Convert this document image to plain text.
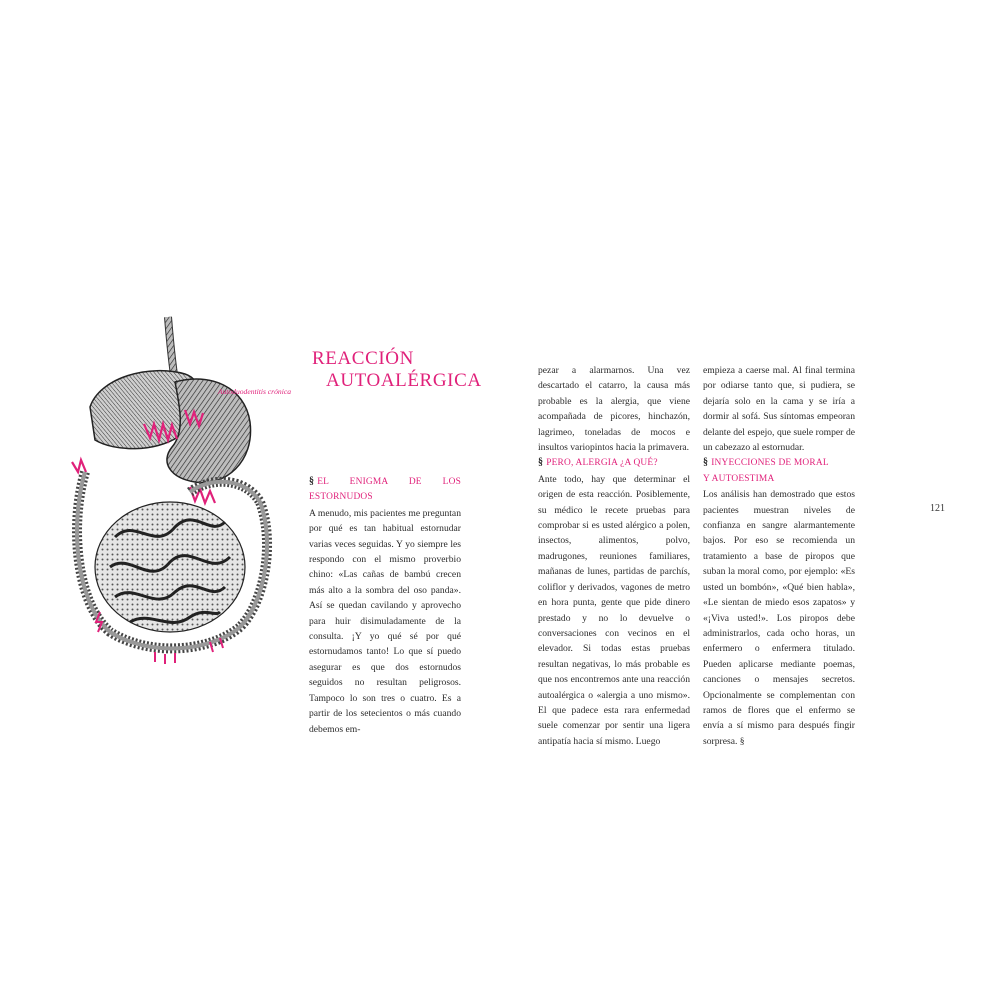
Autoduodentitis crónica
REACCIÓN
AUTOALÉRGICA
§ EL ENIGMA DE LOS ESTORNUDOS

A menudo, mis pacientes me preguntan por qué es tan habitual estornudar varias veces seguidas. Y yo siempre les respondo con el mismo proverbio chino: «Las cañas de bambú crecen más alto a la sombra del oso panda». Así se quedan cavilando y aprovecho para huir disimuladamente de la consulta. ¡Y yo qué sé por qué estornudamos tanto! Lo que sí puedo asegurar es que dos estornudos seguidos no resultan peligrosos. Tampoco lo son tres o cuatro. Es a partir de los setecientos o más cuando debemos em-

pezar a alarmarnos. Una vez descartado el catarro, la causa más probable es la alergia, que viene acompañada de picores, hinchazón, lagrimeo, toneladas de mocos e insultos variopintos hacia la primavera.

§ PERO, ALERGIA ¿A QUÉ?

Ante todo, hay que determinar el origen de esta reacción. Posiblemente, su médico le recete pruebas para comprobar si es usted alérgico a polen, insectos, alimentos, polvo, madrugones, reuniones familiares, mañanas de lunes, partidas de parchís, coliflor y derivados, vagones de metro en hora punta, gente que pide dinero prestado y no lo devuelve o conversaciones con vecinos en el elevador. Si todas estas pruebas resultan negativas, lo más probable es que nos encontremos ante una reacción autoalérgica o «alergia a uno mismo». El que padece esta rara enfermedad suele comenzar por sentir una ligera antipatía hacia sí mismo. Luego

empieza a caerse mal. Al final termina por odiarse tanto que, si pudiera, se dejaría solo en la cama y se iría a dormir al sofá. Sus síntomas empeoran delante del espejo, que suele romper de un cabezazo al estornudar.

§ INYECCIONES DE MORAL
Y AUTOESTIMA

Los análisis han demostrado que estos pacientes muestran niveles de confianza en sangre alarmantemente bajos. Por eso se recomienda un tratamiento a base de piropos que suban la moral como, por ejemplo: «Es usted un bombón», «Qué bien habla», «Le sientan de miedo esos zapatos» y «¡Viva usted!». Los piropos debe administrarlos, cada ocho horas, un enfermero o enfermera titulado. Pueden aplicarse mediante poemas, canciones o mensajes secretos. Opcionalmente se complementan con ramos de flores que el enfermo se envía a sí mismo para después fingir sorpresa. §

121
